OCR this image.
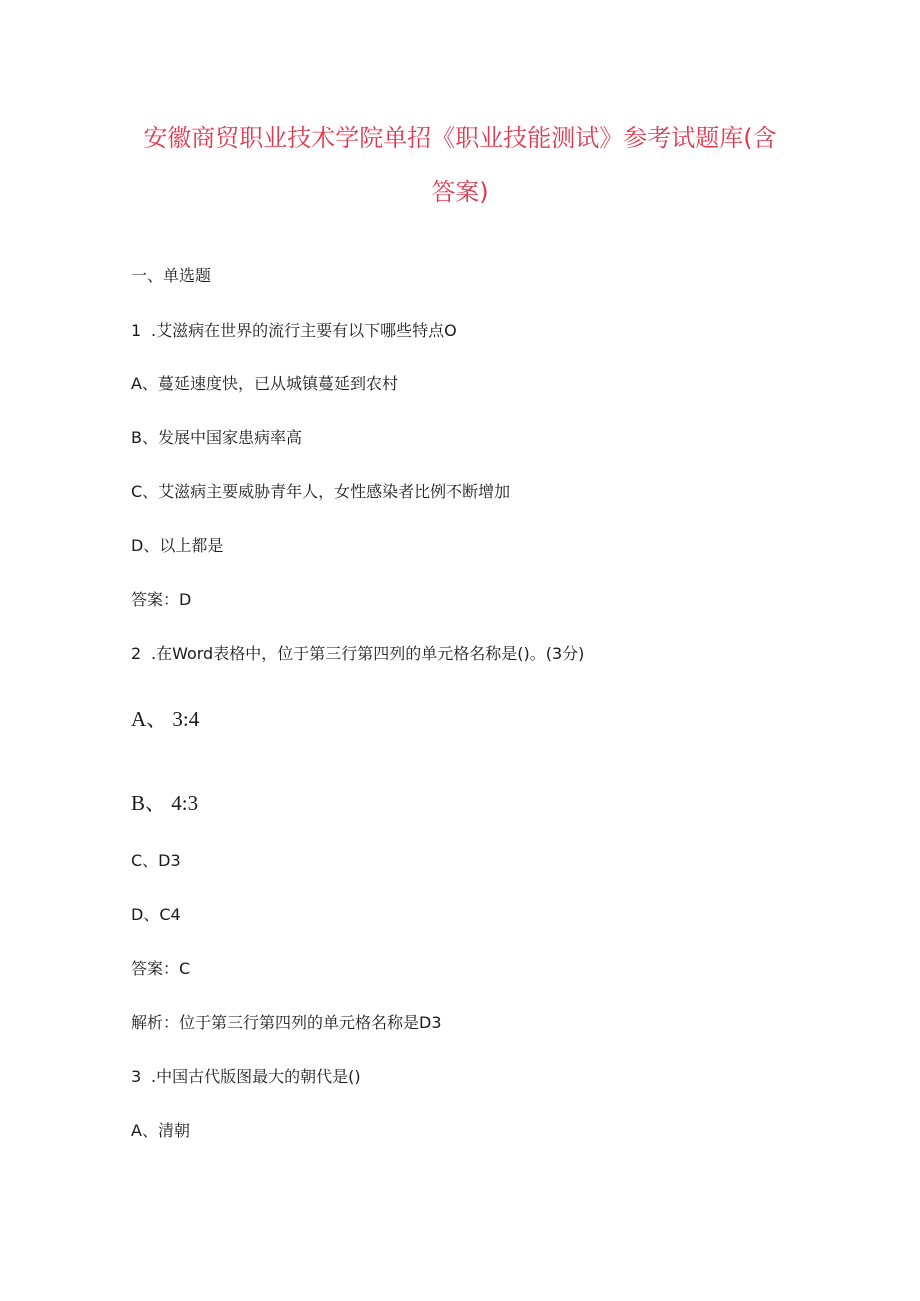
安徽商贸职业技术学院单招《职业技能测试》参考试题库(含
答案)
一、单选题
1 .艾滋病在世界的流行主要有以下哪些特点O
A、蔓延速度快，已从城镇蔓延到农村
B、发展中国家患病率高
C、艾滋病主要威胁青年人，女性感染者比例不断增加
D、以上都是
答案：D
2 .在Word表格中，位于第三行第四列的单元格名称是()。(3分)
A、 3:4
B、 4:3
C、D3
D、C4
答案：C
解析：位于第三行第四列的单元格名称是D3
3 .中国古代版图最大的朝代是()
A、清朝
